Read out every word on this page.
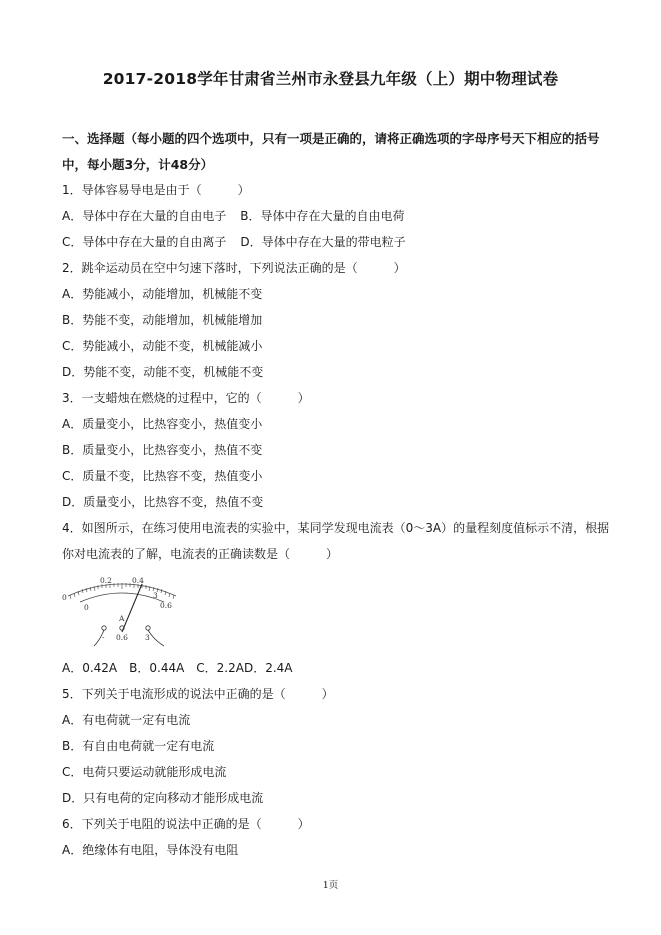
2017-2018学年甘肃省兰州市永登县九年级（上）期中物理试卷
一、选择题（每小题的四个选项中，只有一项是正确的，请将正确选项的字母序号天下相应的括号中，每小题3分，计48分）
1．导体容易导电是由于（　　　）
A．导体中存在大量的自由电子 B．导体中存在大量的自由电荷
C．导体中存在大量的自由离子 D．导体中存在大量的带电粒子
2．跳伞运动员在空中匀速下落时，下列说法正确的是（　　　）
A．势能减小，动能增加，机械能不变
B．势能不变，动能增加，机械能增加
C．势能减小，动能不变，机械能减小
D．势能不变，动能不变，机械能不变
3．一支蜡烛在燃烧的过程中，它的（　　　）
A．质量变小，比热容变小，热值变小
B．质量变小，比热容变小，热值不变
C．质量不变，比热容不变，热值变小
D．质量变小，比热容不变，热值不变
4．如图所示，在练习使用电流表的实验中，某同学发现电流表（0～3A）的量程刻度值标示不清，根据你对电流表的了解，电流表的正确读数是（　　　）
0
0.2	0.4
0.6
0
3
A
- 0.6 3
A．0.42A　B．0.44A　C．2.2AD．2.4A
5．下列关于电流形成的说法中正确的是（　　　）
A．有电荷就一定有电流
B．有自由电荷就一定有电流
C．电荷只要运动就能形成电流
D．只有电荷的定向移动才能形成电流
6．下列关于电阻的说法中正确的是（　　　）
A．绝缘体有电阻，导体没有电阻
1页
